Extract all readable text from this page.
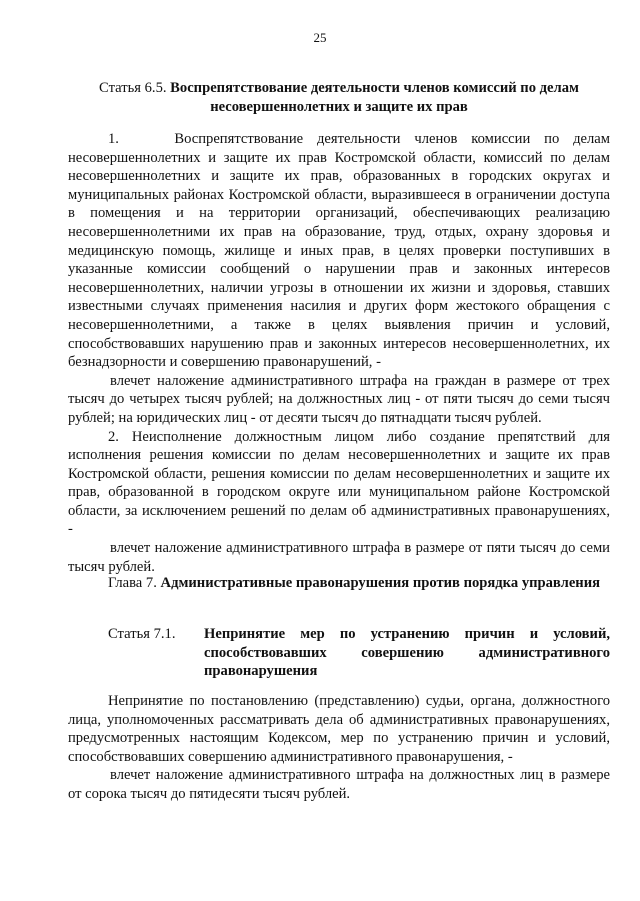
25
Статья 6.5. Воспрепятствование деятельности членов комиссий по делам несовершеннолетних и защите их прав

1.    Воспрепятствование деятельности членов комиссии по делам несовершеннолетних и защите их прав Костромской области, комиссий по делам несовершеннолетних и защите их прав, образованных в городских округах и муниципальных районах Костромской области, выразившееся в ограничении доступа в помещения и на территории организаций, обеспечивающих реализацию несовершеннолетними их прав на образование, труд, отдых, охрану здоровья и медицинскую помощь, жилище и иных прав, в целях проверки поступивших в указанные комиссии сообщений о нарушении прав и законных интересов несовершеннолетних, наличии угрозы в отношении их жизни и здоровья, ставших известными случаях применения насилия и других форм жестокого обращения с несовершеннолетними, а также в целях выявления причин и условий, способствовавших нарушению прав и законных интересов несовершеннолетних, их безнадзорности и совершению правонарушений, -

влечет наложение административного штрафа на граждан в размере от трех тысяч до четырех тысяч рублей; на должностных лиц - от пяти тысяч до семи тысяч рублей; на юридических лиц - от десяти тысяч до пятнадцати тысяч рублей.

2. Неисполнение должностным лицом либо создание препятствий для исполнения решения комиссии по делам несовершеннолетних и защите их прав Костромской области, решения комиссии по делам несовершеннолетних и защите их прав, образованной в городском округе или муниципальном районе Костромской области, за исключением решений по делам об административных правонарушениях, -

влечет наложение административного штрафа в размере от пяти тысяч до семи тысяч рублей.

Глава 7. Административные правонарушения против порядка управления
Статья 7.1.	Непринятие мер по устранению причин и условий, способствовавших совершению административного правонарушения

Непринятие по постановлению (представлению) судьи, органа, должностного лица, уполномоченных рассматривать дела об административных правонарушениях, предусмотренных настоящим Кодексом, мер по устранению причин и условий, способствовавших совершению административного правонарушения, -

влечет наложение административного штрафа на должностных лиц в размере от сорока тысяч до пятидесяти тысяч рублей.
